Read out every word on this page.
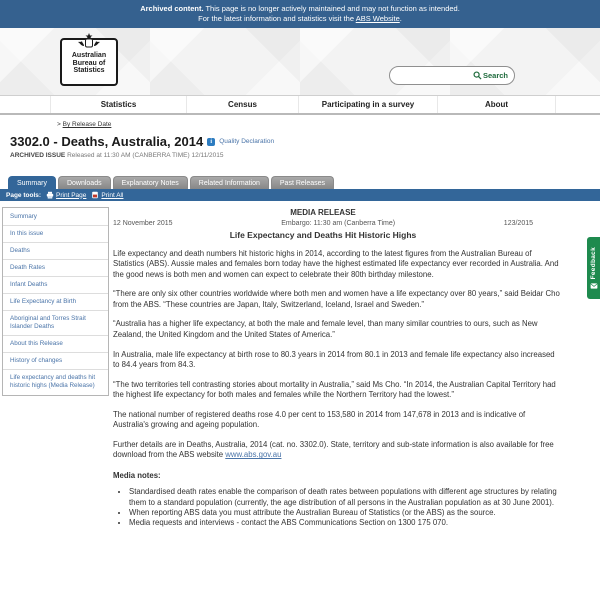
Archived content. This page is no longer actively maintained and may not function as intended.
For the latest information and statistics visit the ABS Website.
Australian
Bureau of
Statistics
Search
Statistics	Census	Participating in a survey	About
> By Release Date
3302.0 - Deaths, Australia, 2014	i	Quality Declaration
ARCHIVED ISSUE Released at 11:30 AM (CANBERRA TIME) 12/11/2015
Summary	Downloads	Explanatory Notes	Related Information	Past Releases
Page tools: Print Page Print All
Summary
In this issue
Deaths
Death Rates
Infant Deaths
Life Expectancy at Birth
Aboriginal and Torres Strait Islander Deaths
About this Release
History of changes
Life expectancy and deaths hit historic highs (Media Release)
MEDIA RELEASE
12 November 2015	Embargo: 11:30 am (Canberra Time)	123/2015
Life Expectancy and Deaths Hit Historic Highs

Life expectancy and death numbers hit historic highs in 2014, according to the latest figures from the Australian Bureau of Statistics (ABS). Aussie males and females born today have the highest estimated life expectancy ever recorded in Australia. And the good news is both men and women can expect to celebrate their 80th birthday milestone.

“There are only six other countries worldwide where both men and women have a life expectancy over 80 years,” said Beidar Cho from the ABS. “These countries are Japan, Italy, Switzerland, Iceland, Israel and Sweden.”

“Australia has a higher life expectancy, at both the male and female level, than many similar countries to ours, such as New Zealand, the United Kingdom and the United States of America.”

In Australia, male life expectancy at birth rose to 80.3 years in 2014 from 80.1 in 2013 and female life expectancy also increased to 84.4 years from 84.3.

“The two territories tell contrasting stories about mortality in Australia,” said Ms Cho. “In 2014, the Australian Capital Territory had the highest life expectancy for both males and females while the Northern Territory had the lowest.”

The national number of registered deaths rose 4.0 per cent to 153,580 in 2014 from 147,678 in 2013 and is indicative of Australia's growing and ageing population.

Further details are in Deaths, Australia, 2014 (cat. no. 3302.0). State, territory and sub-state information is also available for free download from the ABS website www.abs.gov.au

Media notes:
• Standardised death rates enable the comparison of death rates between populations with different age structures by relating them to a standard population (currently, the age distribution of all persons in the Australian population as at 30 June 2001).
• When reporting ABS data you must attribute the Australian Bureau of Statistics (or the ABS) as the source.
• Media requests and interviews - contact the ABS Communications Section on 1300 175 070.
Feedback
